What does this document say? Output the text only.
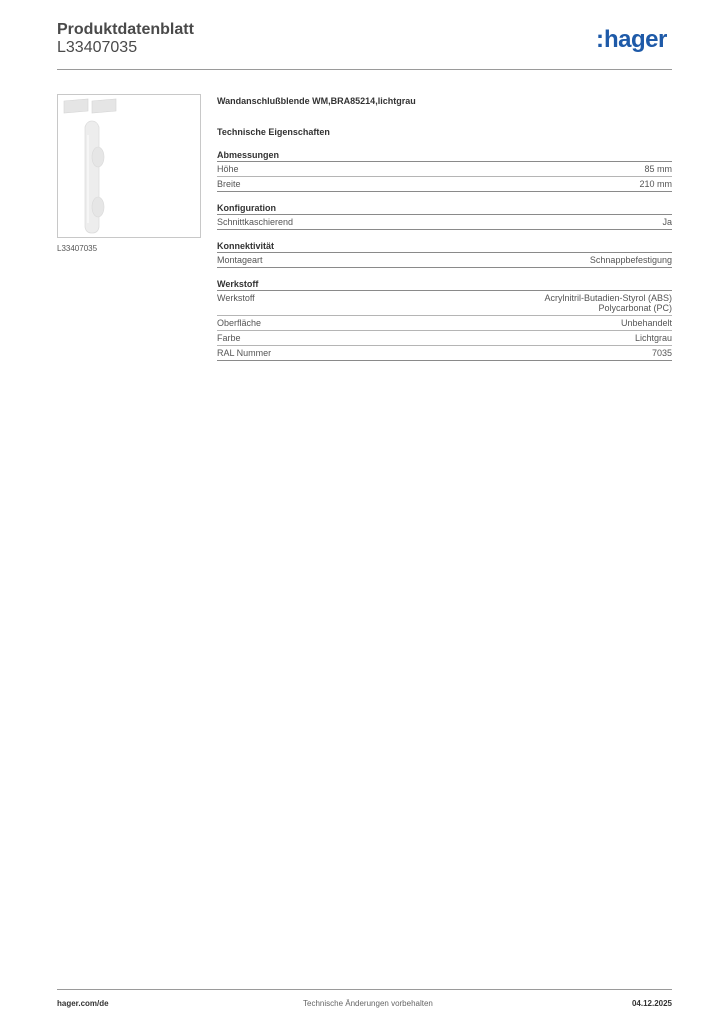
Produktdatenblatt
L33407035	:hager
L33407035
Wandanschlußblende WM,BRA85214,lichtgrau
Technische Eigenschaften
Abmessungen
Höhe	85 mm
Breite	210 mm
Konfiguration
Schnittkaschierend	Ja
Konnektivität
Montageart	Schnappbefestigung
Werkstoff
Werkstoff	Acrylnitril-Butadien-Styrol (ABS)
Polycarbonat (PC)
Oberfläche	Unbehandelt
Farbe	Lichtgrau
RAL Nummer	7035
hager.com/de	Technische Änderungen vorbehalten	04.12.2025
